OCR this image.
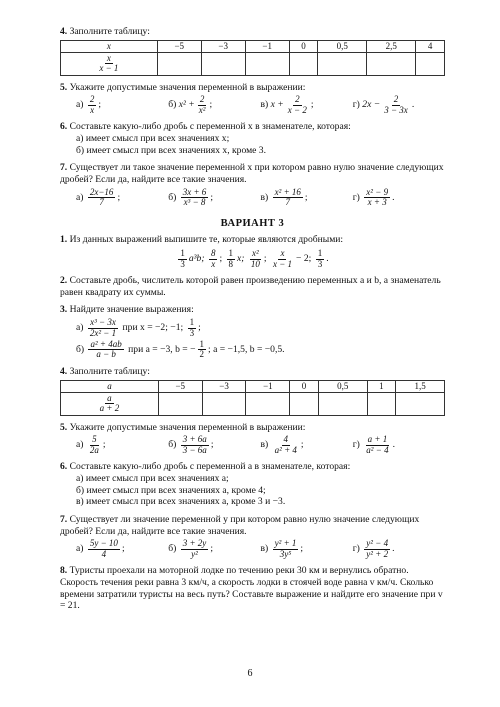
4. Заполните таблицу:

x	−5	−3	−1	0	0,5	2,5	4

$\frac{x}{x - 1}$

5. Укажите допустимые значения переменной в выражении:

а)
$\frac{2}{x}$ ;	б)
$x^2 + \frac{2}{\text{x²}}$ ;	в)
$x + \frac{2}{x - 2}$ ;	г)
$2x - \frac{2}{3 - 3x}$ .

6. Составьте какую-либо дробь с переменной x в знаменателе, которая:

а) имеет смысл при всех значениях x;

б) имеет смысл при всех значениях x, кроме 3.

7. Существует ли такое значение переменной x при котором равно нулю значение следующих дробей? Если да, найдите все такие значения.

а)
$\frac{2x-16}{7}$ ;	б)
$\frac{3x + 6}{\text{x³ − 8}}$ ;	в)
$\frac{\text{x² + 16}}{7}$ ;	г)
$\frac{\text{x² − 9}}{x + 3}$ .
ВАРИАНТ 3

1. Из данных выражений выпишите те, которые являются дробными:

$\frac{1}{3} a^3b$; $\frac{8}{x}$ ; $\frac{1}{8} x$; $\frac{\text{x²}}{10}$ ; $\frac{x}{x - 1} - 2$; $\frac{1}{3}$ .

2. Составьте дробь, числитель которой равен произведению переменных a и b, а знаменатель равен квадрату их суммы.

3. Найдите значение выражения:

а)
$\frac{\text{x³ − 3x}}{\text{2x² − 1}}$
при x = −2; −1;
$\frac{1}{3}$ ;
б)
$\frac{\text{a² + 4ab}}{a - b}$
при a = −3, b = − $\frac{1}{2}$ ; a = −1,5, b = −0,5.

4. Заполните таблицу:

a	−5	−3	−1	0	0,5	1	1,5

$\frac{a}{a + 2}$

5. Укажите допустимые значения переменной в выражении:

а)
$\frac{5}{2a}$ ;	б)
$\frac{3 + 6a}{3 - 6a}$ ;	в)
$\frac{4}{\text{a² + 4}}$ ;	г)
$\frac{a + 1}{\text{a² − 4}}$ .

6. Составьте какую-либо дробь с переменной a в знаменателе, которая:

а) имеет смысл при всех значениях a;

б) имеет смысл при всех значениях a, кроме 4;

в) имеет смысл при всех значениях a, кроме 3 и −3.

7. Существует ли значение переменной y при котором равно нулю значение следующих дробей? Если да, найдите все такие значения.

а)
$\frac{5y - 10}{4}$ ;	б)
$\frac{3 + 2y}{\text{y²}}$ ;	в)
$\frac{\text{y² + 1}}{\text{3y⁵}}$ ;	г)
$\frac{\text{y² − 4}}{\text{y² + 2}}$ .

8. Туристы проехали на моторной лодке по течению реки 30 км и вернулись обратно. Скорость течения реки равна 3 км/ч, а скорость лодки в стоячей воде равна v км/ч. Сколько времени затратили туристы на весь путь? Составьте выражение и найдите его значение при v = 21.

6
